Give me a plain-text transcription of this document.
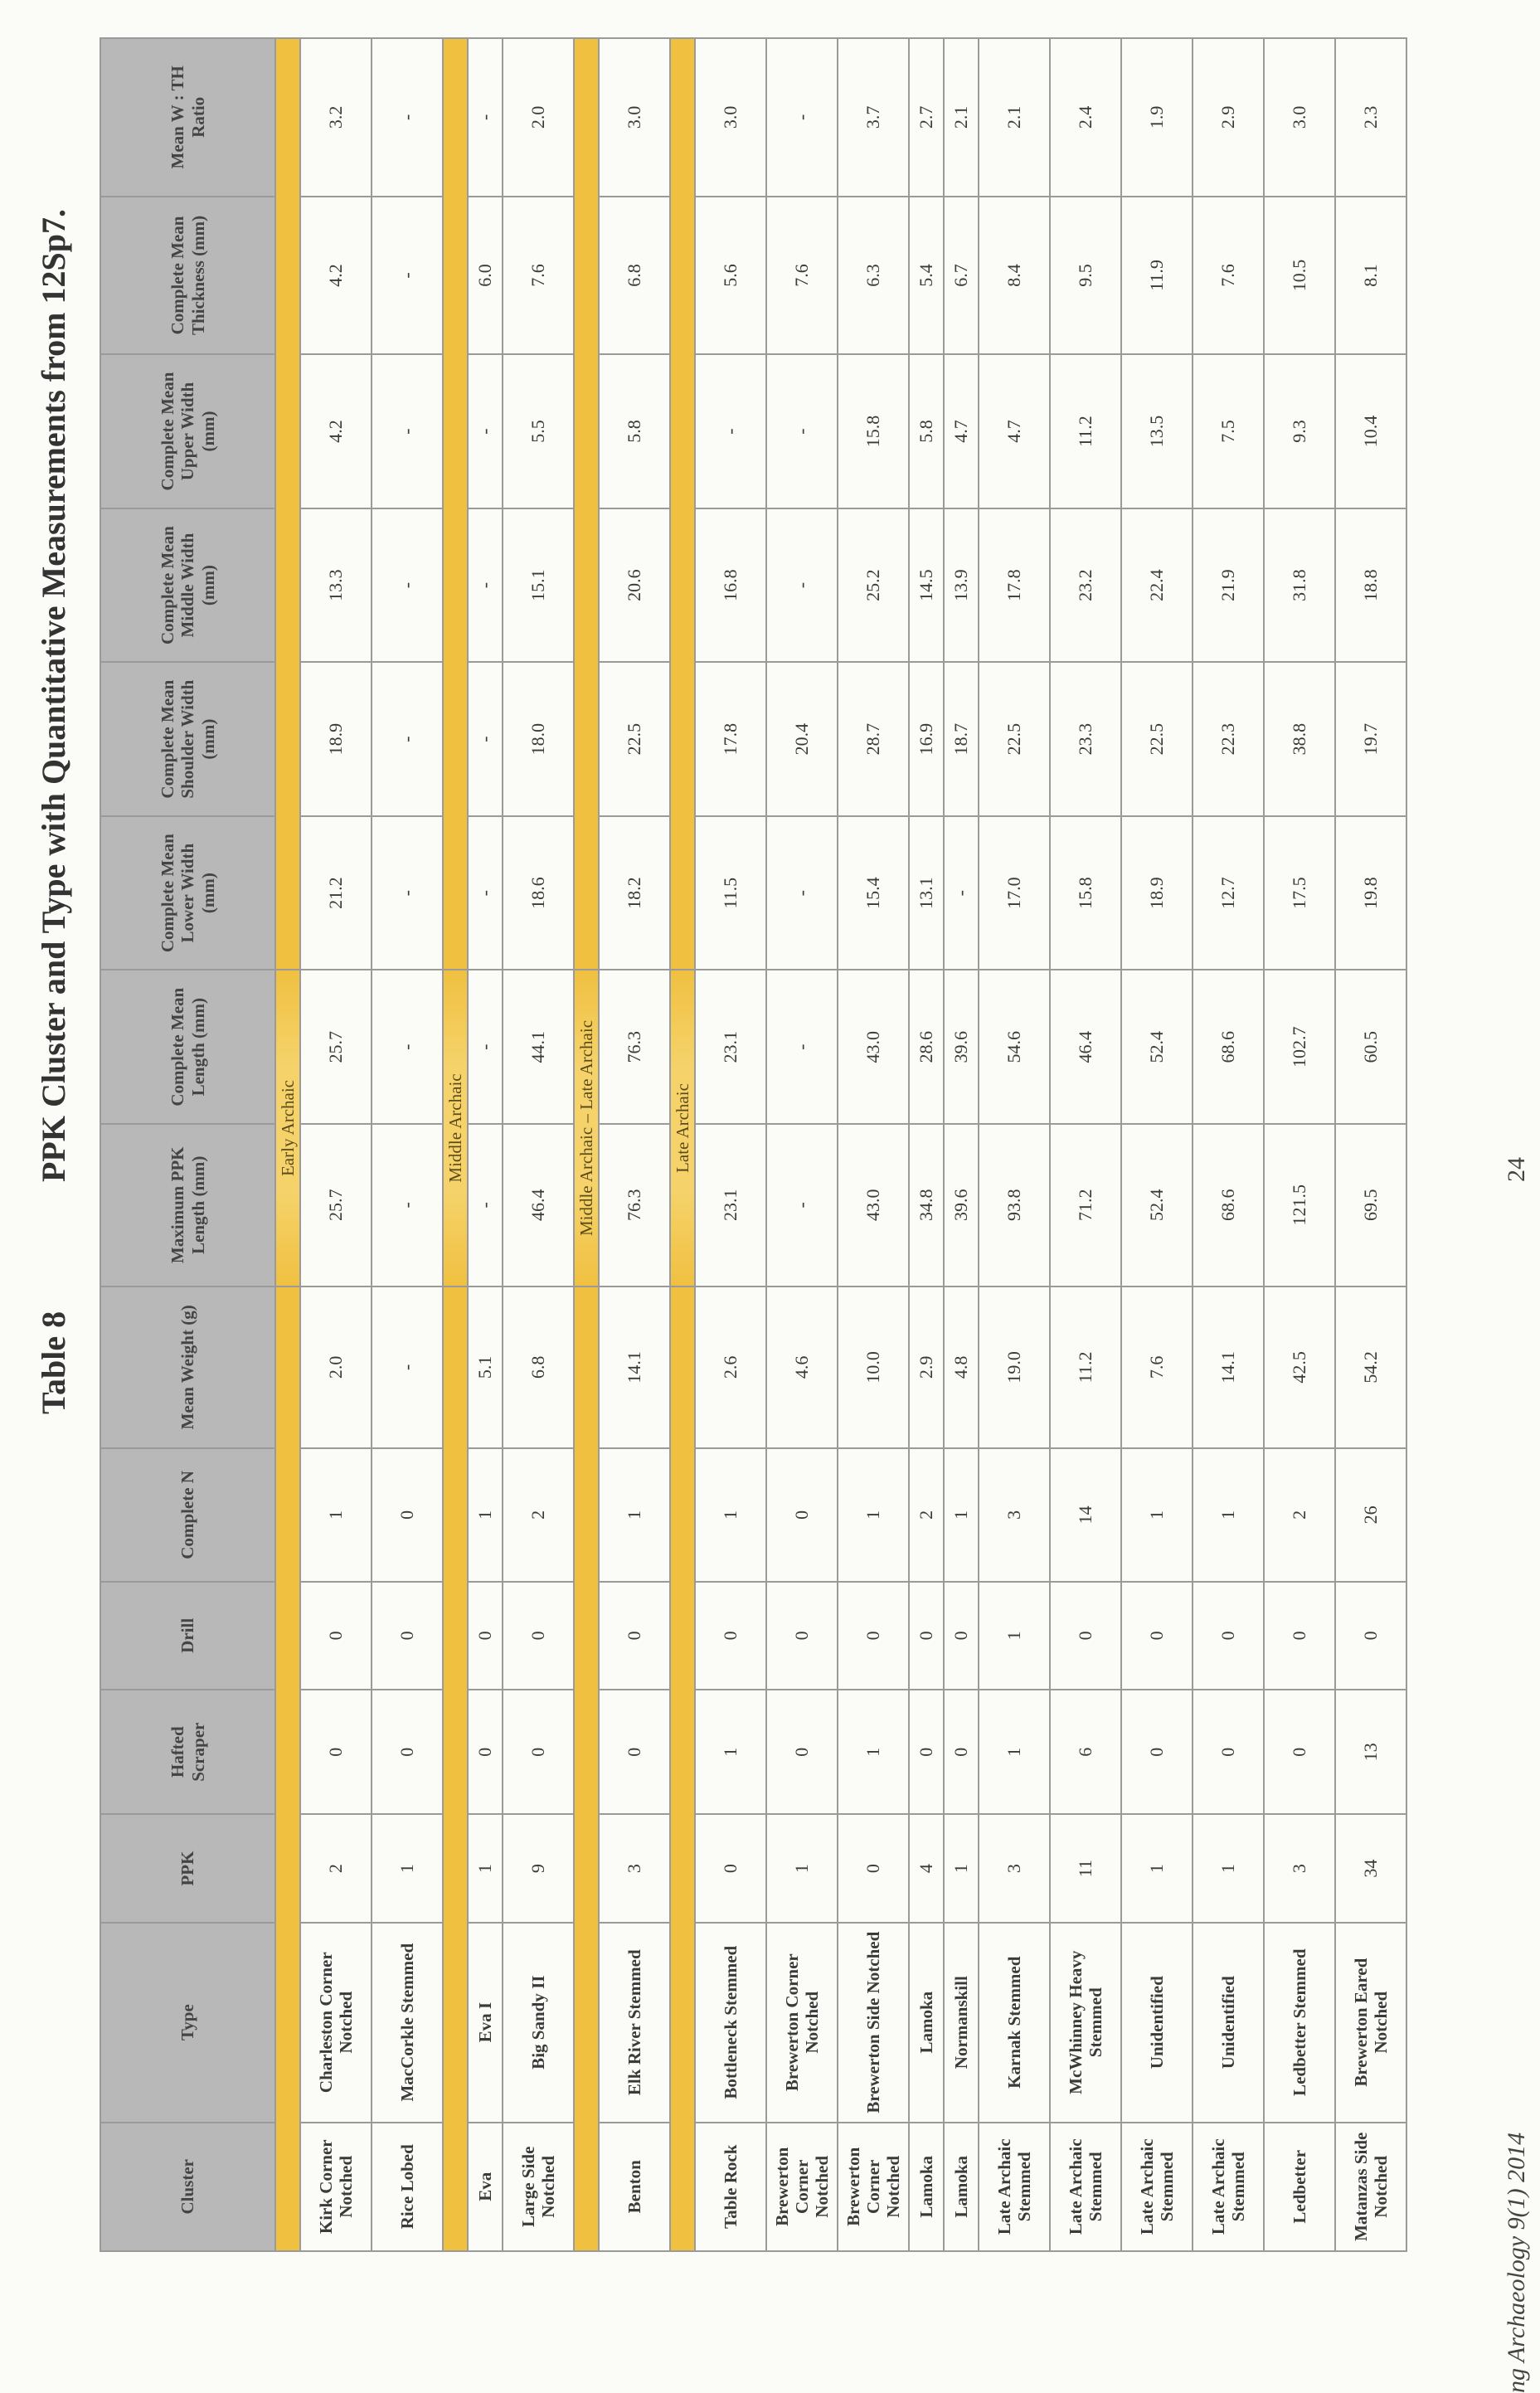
Table 8
PPK Cluster and Type with Quantitative Measurements from 12Sp7.
Cluster	Type	PPK	Hafted Scraper	Drill	Complete N	Mean Weight (g)	Maximum PPK Length (mm)	Complete Mean Length (mm)	Complete Mean Lower Width (mm)	Complete Mean Shoulder Width (mm)	Complete Mean Middle Width (mm)	Complete Mean Upper Width (mm)	Complete Mean Thickness (mm)	Mean W : TH Ratio
							Early Archaic							
Kirk Corner Notched	Charleston Corner Notched	2	0	0	1	2.0	25.7	25.7	21.2	18.9	13.3	4.2	4.2	3.2
Rice Lobed	MacCorkle Stemmed	1	0	0	0	-	-	-	-	-	-	-	-	-
							Middle Archaic							
Eva	Eva I	1	0	0	1	5.1	-	-	-	-	-	-	6.0	-
Large Side Notched	Big Sandy II	9	0	0	2	6.8	46.4	44.1	18.6	18.0	15.1	5.5	7.6	2.0
							Middle Archaic – Late Archaic							
Benton	Elk River Stemmed	3	0	0	1	14.1	76.3	76.3	18.2	22.5	20.6	5.8	6.8	3.0
							Late Archaic							
Table Rock	Bottleneck Stemmed	0	1	0	1	2.6	23.1	23.1	11.5	17.8	16.8	-	5.6	3.0
Brewerton Corner Notched	Brewerton Corner Notched	1	0	0	0	4.6	-	-	-	20.4	-	-	7.6	-
Brewerton Corner Notched	Brewerton Side Notched	0	1	0	1	10.0	43.0	43.0	15.4	28.7	25.2	15.8	6.3	3.7
Lamoka	Lamoka	4	0	0	2	2.9	34.8	28.6	13.1	16.9	14.5	5.8	5.4	2.7
Lamoka	Normanskill	1	0	0	1	4.8	39.6	39.6	-	18.7	13.9	4.7	6.7	2.1
Late Archaic Stemmed	Karnak Stemmed	3	1	1	3	19.0	93.8	54.6	17.0	22.5	17.8	4.7	8.4	2.1
Late Archaic Stemmed	McWhinney Heavy Stemmed	11	6	0	14	11.2	71.2	46.4	15.8	23.3	23.2	11.2	9.5	2.4
Late Archaic Stemmed	Unidentified	1	0	0	1	7.6	52.4	52.4	18.9	22.5	22.4	13.5	11.9	1.9
Late Archaic Stemmed	Unidentified	1	0	0	1	14.1	68.6	68.6	12.7	22.3	21.9	7.5	7.6	2.9
Ledbetter	Ledbetter Stemmed	3	0	0	2	42.5	121.5	102.7	17.5	38.8	31.8	9.3	10.5	3.0
Matanzas Side Notched	Brewerton Eared Notched	34	13	0	26	54.2	69.5	60.5	19.8	19.7	18.8	10.4	8.1	2.3
ng Archaeology 9(1) 2014
24
